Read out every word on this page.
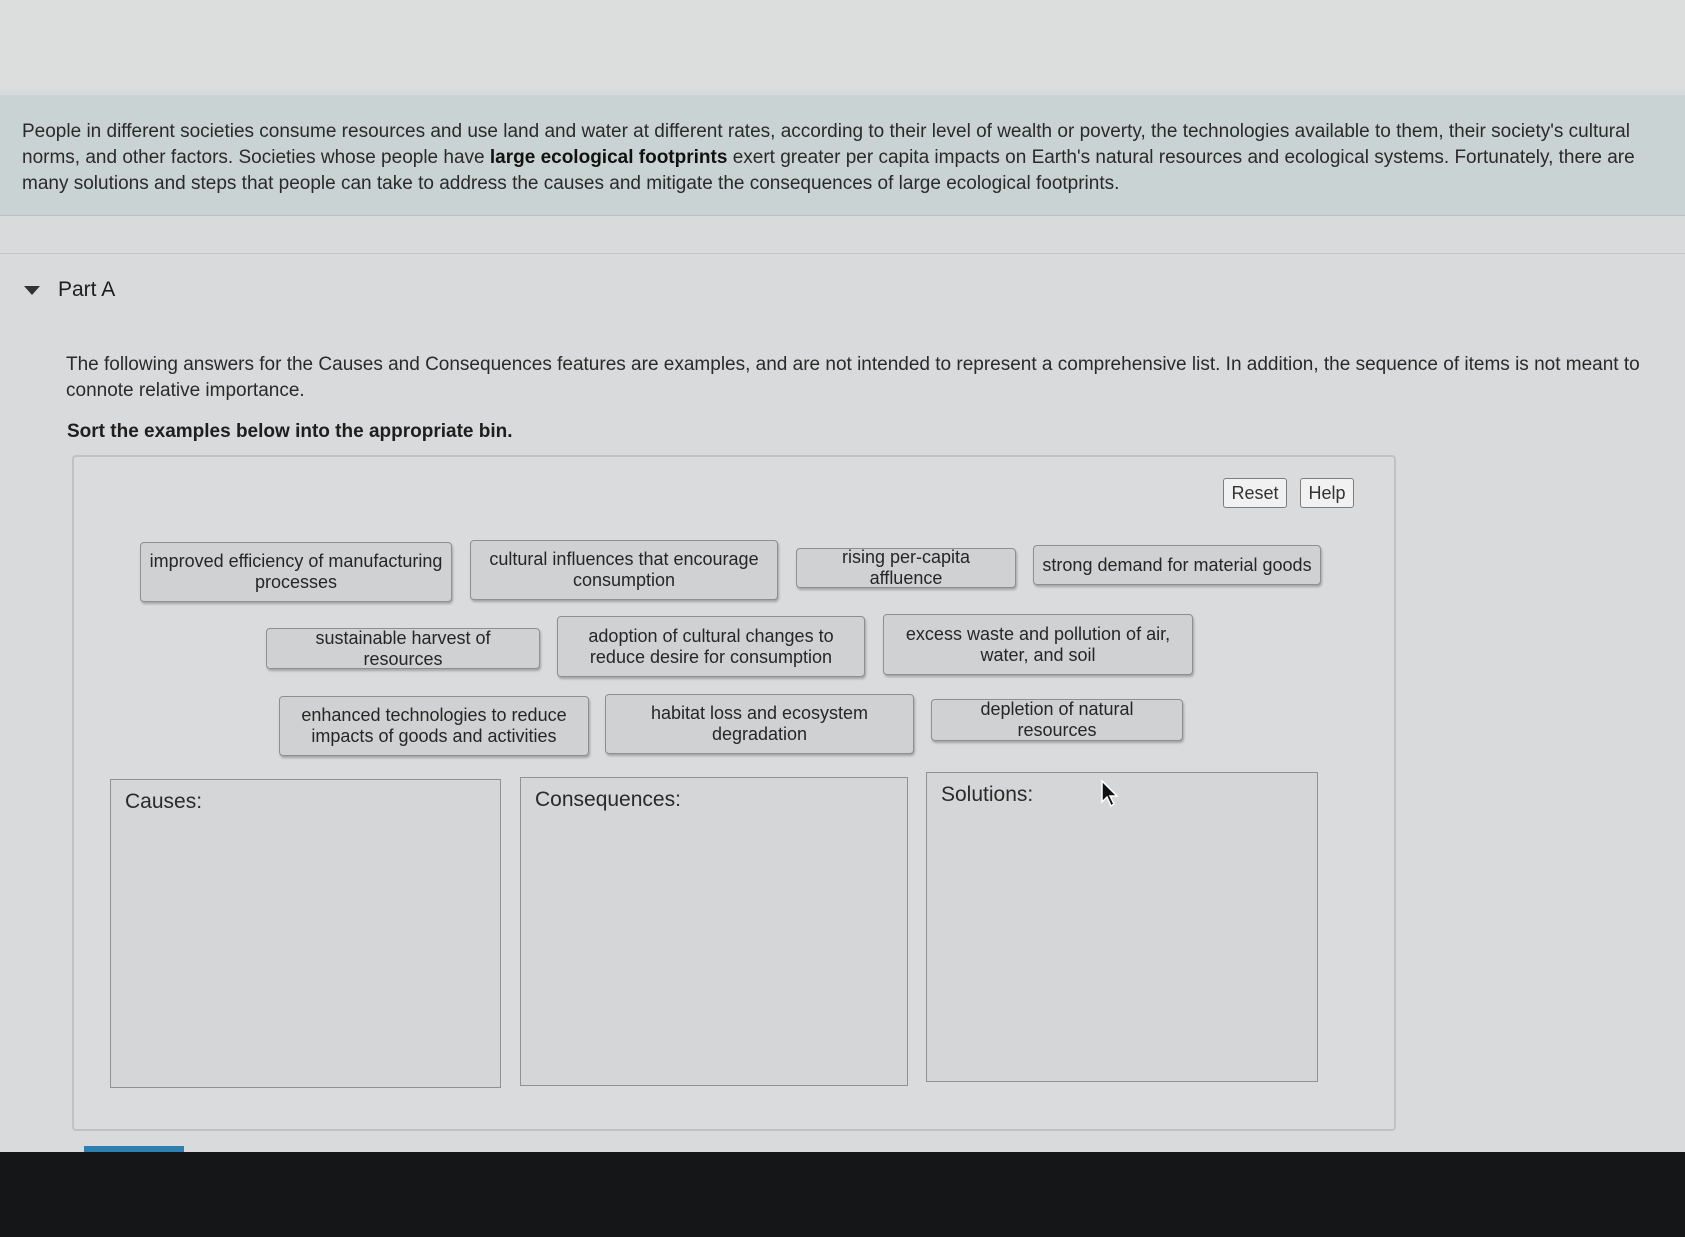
People in different societies consume resources and use land and water at different rates, according to their level of wealth or poverty, the technologies available to them, their society's cultural norms, and other factors. Societies whose people have large ecological footprints exert greater per capita impacts on Earth's natural resources and ecological systems. Fortunately, there are many solutions and steps that people can take to address the causes and mitigate the consequences of large ecological footprints.

Part A

The following answers for the Causes and Consequences features are examples, and are not intended to represent a comprehensive list. In addition, the sequence of items is not meant to connote relative importance.

Sort the examples below into the appropriate bin.

Reset	Help
improved efficiency of manufacturing processes
cultural influences that encourage consumption
rising per-capita affluence
strong demand for material goods
sustainable harvest of resources
adoption of cultural changes to reduce desire for consumption
excess waste and pollution of air, water, and soil
enhanced technologies to reduce impacts of goods and activities
habitat loss and ecosystem degradation
depletion of natural resources
Causes:	Consequences:	Solutions:
